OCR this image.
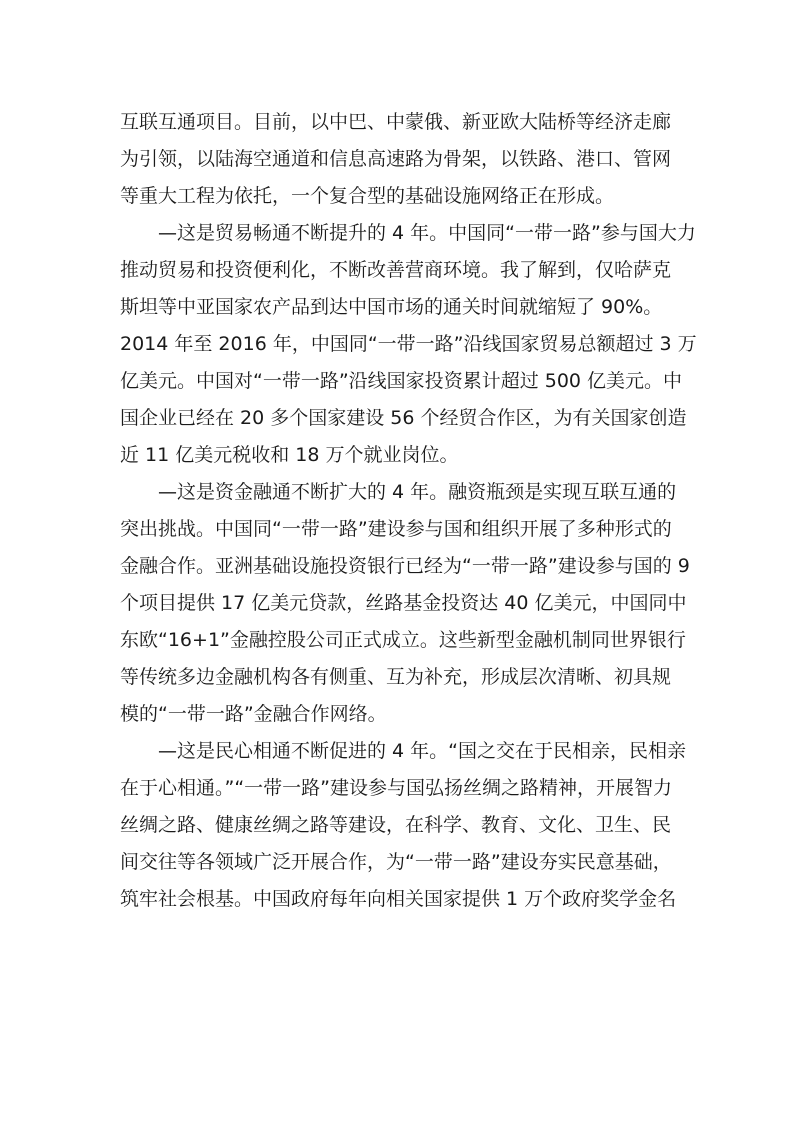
互联互通项目。目前，以中巴、中蒙俄、新亚欧大陆桥等经济走廊
为引领，以陆海空通道和信息高速路为骨架，以铁路、港口、管网
等重大工程为依托，一个复合型的基础设施网络正在形成。
—这是贸易畅通不断提升的 4 年。中国同“一带一路”参与国大力
推动贸易和投资便利化，不断改善营商环境。我了解到，仅哈萨克
斯坦等中亚国家农产品到达中国市场的通关时间就缩短了 90%。
2014 年至 2016 年，中国同“一带一路”沿线国家贸易总额超过 3 万
亿美元。中国对“一带一路”沿线国家投资累计超过 500 亿美元。中
国企业已经在 20 多个国家建设 56 个经贸合作区，为有关国家创造
近 11 亿美元税收和 18 万个就业岗位。
—这是资金融通不断扩大的 4 年。融资瓶颈是实现互联互通的
突出挑战。中国同“一带一路”建设参与国和组织开展了多种形式的
金融合作。亚洲基础设施投资银行已经为“一带一路”建设参与国的 9
个项目提供 17 亿美元贷款，丝路基金投资达 40 亿美元，中国同中
东欧“16+1”金融控股公司正式成立。这些新型金融机制同世界银行
等传统多边金融机构各有侧重、互为补充，形成层次清晰、初具规
模的“一带一路”金融合作网络。
—这是民心相通不断促进的 4 年。“国之交在于民相亲，民相亲
在于心相通。”“一带一路”建设参与国弘扬丝绸之路精神，开展智力
丝绸之路、健康丝绸之路等建设，在科学、教育、文化、卫生、民
间交往等各领域广泛开展合作，为“一带一路”建设夯实民意基础，
筑牢社会根基。中国政府每年向相关国家提供 1 万个政府奖学金名
